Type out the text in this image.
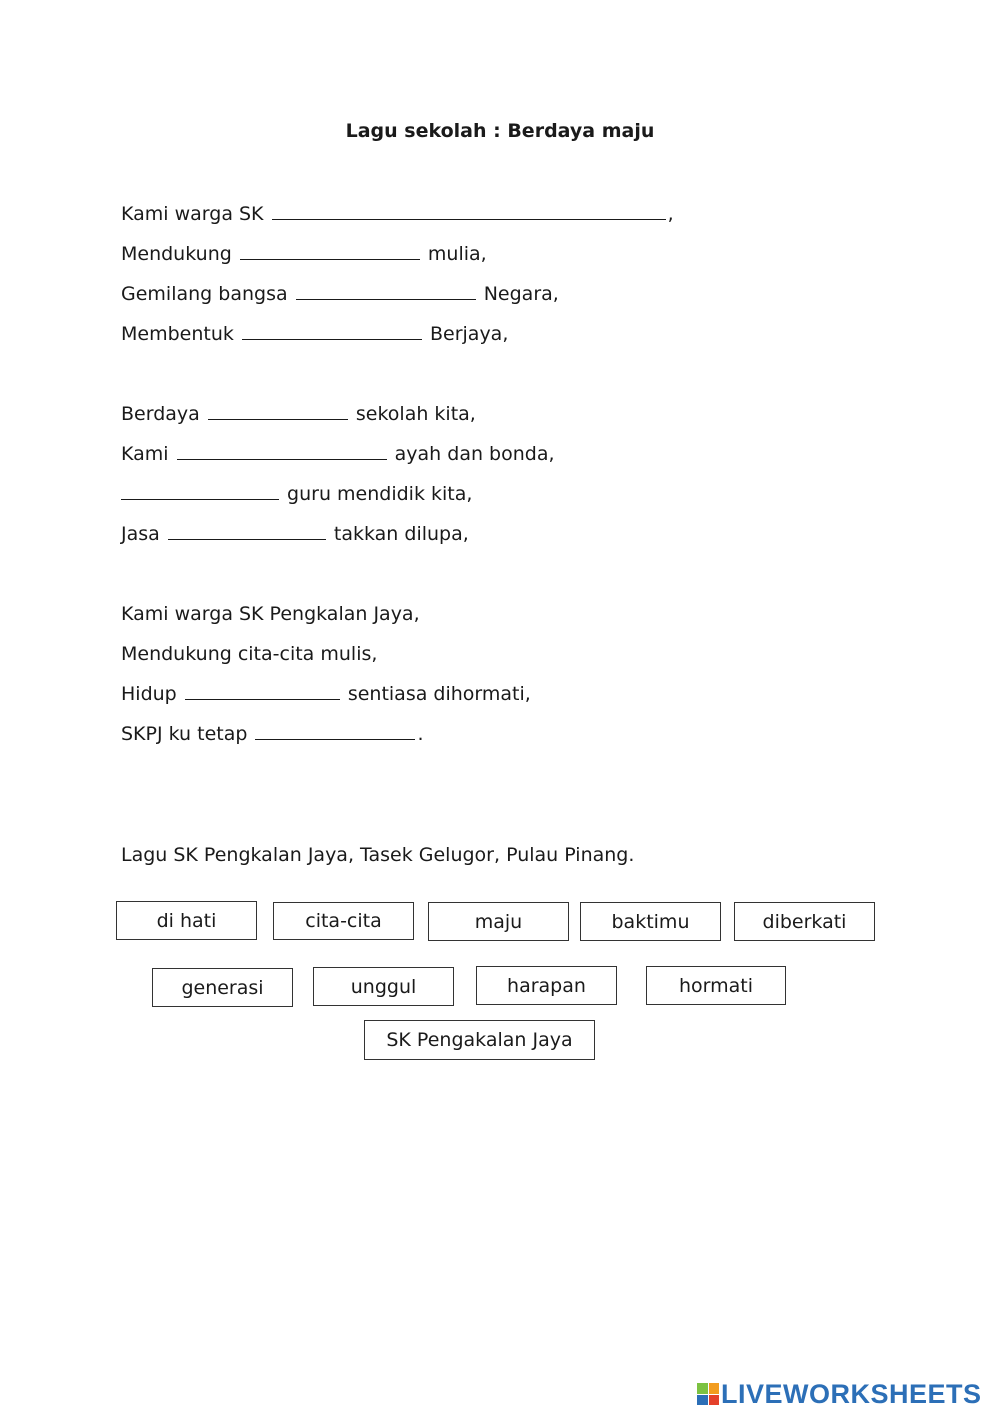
Lagu sekolah : Berdaya maju
Kami warga SK	,
Mendukung	mulia,
Gemilang bangsa	Negara,
Membentuk	Berjaya,
Berdaya	sekolah kita,
Kami	ayah dan bonda,
guru mendidik kita,
Jasa	takkan dilupa,
Kami warga SK Pengkalan Jaya,
Mendukung cita-cita mulis,
Hidup	sentiasa dihormati,
SKPJ ku tetap	.
Lagu SK Pengkalan Jaya, Tasek Gelugor, Pulau Pinang.
di hati	cita-cita	maju	baktimu	diberkati
generasi	unggul	harapan	hormati
SK Pengakalan Jaya
LIVEWORKSHEETS
